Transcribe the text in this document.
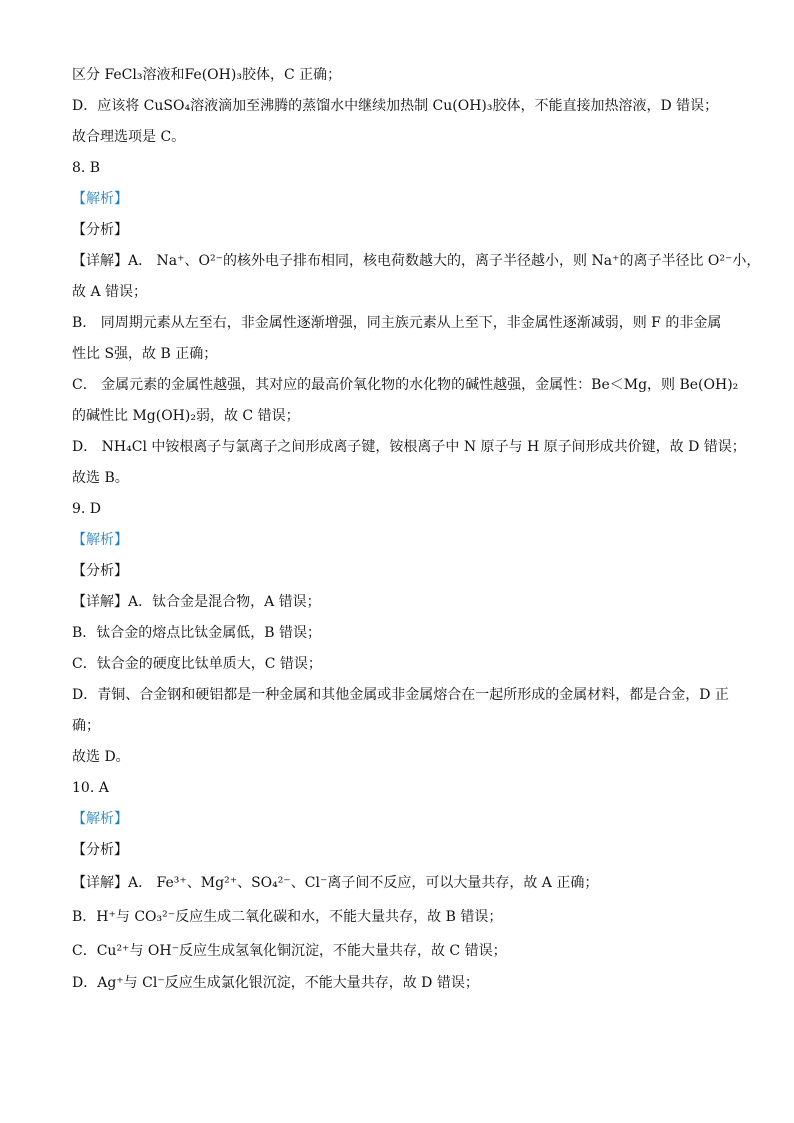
区分 FeCl₃溶液和Fe(OH)₃胶体，C 正确；
D．应该将 CuSO₄溶液滴加至沸腾的蒸馏水中继续加热制 Cu(OH)₃胶体，不能直接加热溶液，D 错误；
故合理选项是 C。
8. B
【解析】
【分析】
【详解】A． Na⁺、O²⁻的核外电子排布相同，核电荷数越大的，离子半径越小，则 Na⁺的离子半径比 O²⁻小，
故 A 错误；
B． 同周期元素从左至右，非金属性逐渐增强，同主族元素从上至下，非金属性逐渐减弱，则 F 的非金属
性比 S强，故 B 正确；
C． 金属元素的金属性越强，其对应的最高价氧化物的水化物的碱性越强，金属性：Be＜Mg，则 Be(OH)₂
的碱性比 Mg(OH)₂弱，故 C 错误；
D． NH₄Cl 中铵根离子与氯离子之间形成离子键，铵根离子中 N 原子与 H 原子间形成共价键，故 D 错误；
故选 B。
9. D
【解析】
【分析】
【详解】A．钛合金是混合物，A 错误；
B．钛合金的熔点比钛金属低，B 错误；
C．钛合金的硬度比钛单质大，C 错误；
D．青铜、合金钢和硬铝都是一种金属和其他金属或非金属熔合在一起所形成的金属材料，都是合金，D 正
确；
故选 D。
10. A
【解析】
【分析】
【详解】A． Fe³⁺、Mg²⁺、SO₄²⁻、Cl⁻离子间不反应，可以大量共存，故 A 正确；
B．H⁺与 CO₃²⁻反应生成二氧化碳和水，不能大量共存，故 B 错误；
C．Cu²⁺与 OH⁻反应生成氢氧化铜沉淀，不能大量共存，故 C 错误；
D．Ag⁺与 Cl⁻反应生成氯化银沉淀，不能大量共存，故 D 错误；
